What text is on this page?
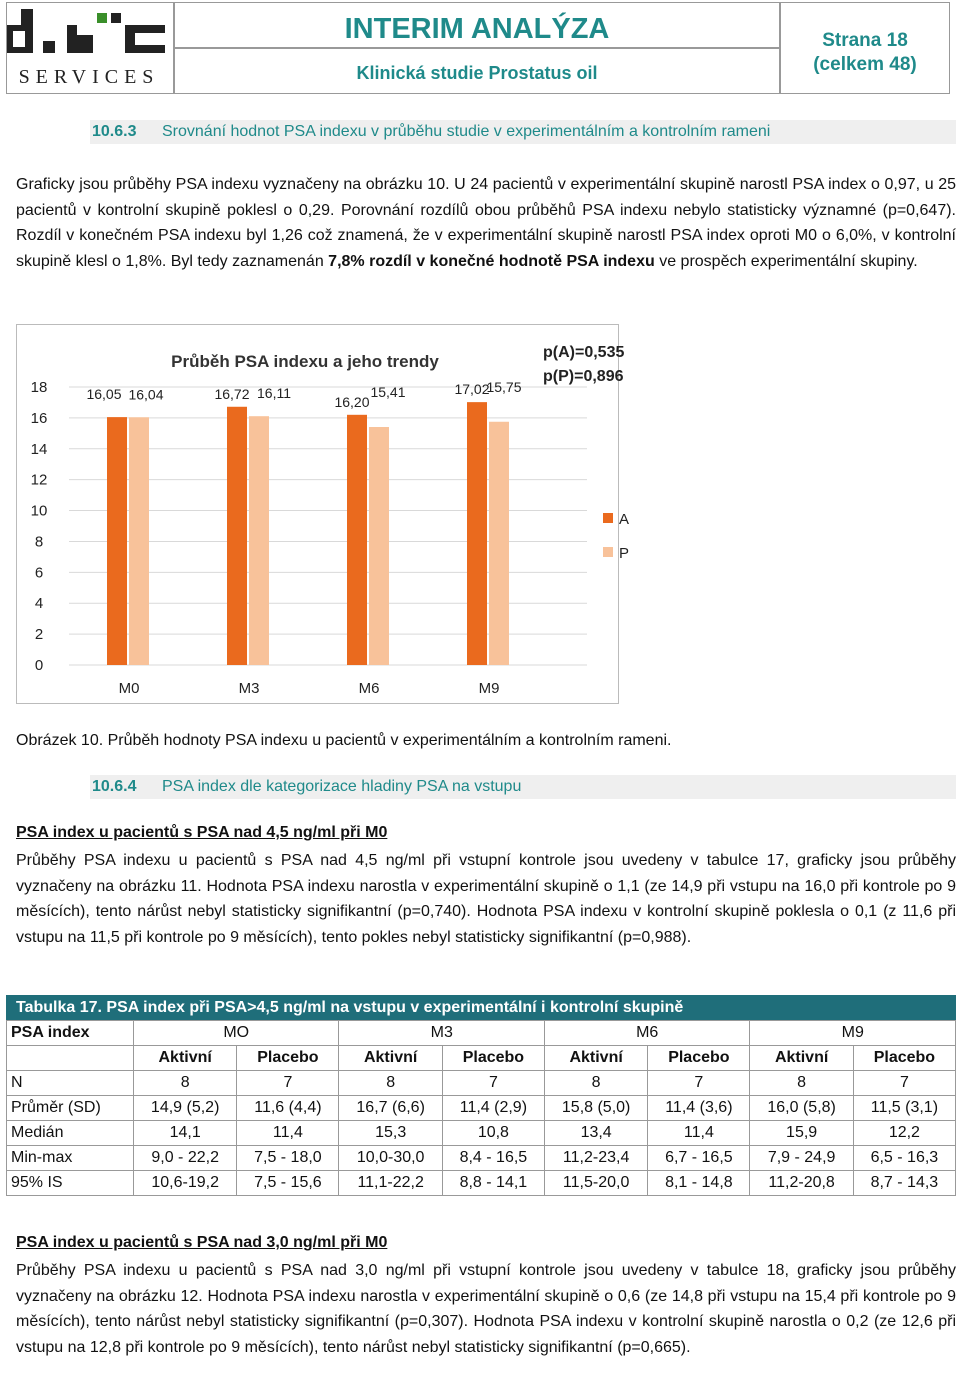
SERVICES
INTERIM ANALÝZA
Klinická studie Prostatus oil
Strana 18
(celkem 48)
10.6.3 Srovnání hodnot PSA indexu v průběhu studie v experimentálním a kontrolním rameni
Graficky jsou průběhy PSA indexu vyznačeny na obrázku 10. U 24 pacientů v experimentální skupině narostl PSA index o 0,97, u 25 pacientů v kontrolní skupině poklesl o 0,29. Porovnání rozdílů obou průběhů PSA indexu nebylo statisticky významné (p=0,647). Rozdíl v konečném PSA indexu byl 1,26 což znamená, že v experimentální skupině narostl PSA index oproti M0 o 6,0%, v kontrolní skupině klesl o 1,8%. Byl tedy zaznamenán 7,8% rozdíl v konečné hodnotě PSA indexu ve prospěch experimentální skupiny.
0
2
4
6
8
10
12
14
16
18
Průběh PSA indexu a jeho trendy	p(A)=0,535
p(P)=0,896
16,05 16,04
M0
16,72 16,11
M3
16,20
15,41
M6
17,02
15,75
M9
A
P
Obrázek 10. Průběh hodnoty PSA indexu u pacientů v experimentálním a kontrolním rameni.
10.6.4 PSA index dle kategorizace hladiny PSA na vstupu
PSA index u pacientů s PSA nad 4,5 ng/ml při M0
Průběhy PSA indexu u pacientů s PSA nad 4,5 ng/ml při vstupní kontrole jsou uvedeny v tabulce 17, graficky jsou průběhy vyznačeny na obrázku 11. Hodnota PSA indexu narostla v experimentální skupině o 1,1 (ze 14,9 při vstupu na 16,0 při kontrole po 9 měsících), tento nárůst nebyl statisticky signifikantní (p=0,740). Hodnota PSA indexu v kontrolní skupině poklesla o 0,1 (z 11,6 při vstupu na 11,5 při kontrole po 9 měsících), tento pokles nebyl statisticky signifikantní (p=0,988).
Tabulka 17. PSA index při PSA>4,5 ng/ml na vstupu v experimentální i kontrolní skupině
PSA index	MO		M3		M6		M9	
	Aktivní	Placebo	Aktivní	Placebo	Aktivní	Placebo	Aktivní	Placebo
N	8	7	8	7	8	7	8	7
Průměr (SD)	14,9 (5,2)	11,6 (4,4)	16,7 (6,6)	11,4 (2,9)	15,8 (5,0)	11,4 (3,6)	16,0 (5,8)	11,5 (3,1)
Medián	14,1	11,4	15,3	10,8	13,4	11,4	15,9	12,2
Min-max	9,0 - 22,2	7,5 - 18,0	10,0-30,0	8,4 - 16,5	11,2-23,4	6,7 - 16,5	7,9 - 24,9	6,5 - 16,3
95% IS	10,6-19,2	7,5 - 15,6	11,1-22,2	8,8 - 14,1	11,5-20,0	8,1 - 14,8	11,2-20,8	8,7 - 14,3
PSA index u pacientů s PSA nad 3,0 ng/ml při M0
Průběhy PSA indexu u pacientů s PSA nad 3,0 ng/ml při vstupní kontrole jsou uvedeny v tabulce 18, graficky jsou průběhy vyznačeny na obrázku 12. Hodnota PSA indexu narostla v experimentální skupině o 0,6 (ze 14,8 při vstupu na 15,4 při kontrole po 9 měsících), tento nárůst nebyl statisticky signifikantní (p=0,307). Hodnota PSA indexu v kontrolní skupině narostla o 0,2 (ze 12,6 při vstupu na 12,8 při kontrole po 9 měsících), tento nárůst nebyl statisticky signifikantní (p=0,665).
